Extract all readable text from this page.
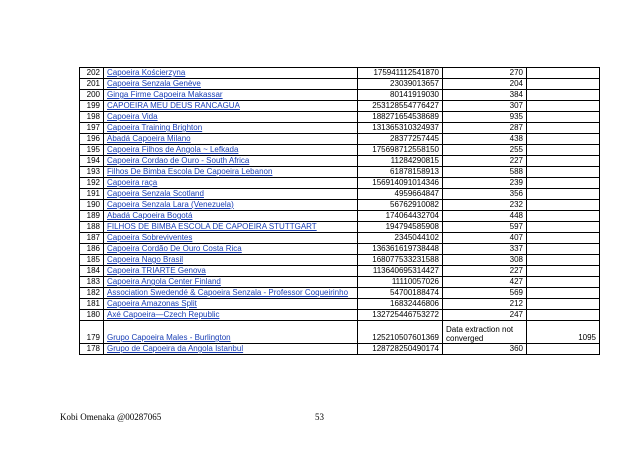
202	Capoeira Kościerzyna	175941112541870	270	
201	Capoeira Senzala Genève	23039013657	204	
200	Ginga Firme Capoeira Makassar	80141919030	384	
199	CAPOEIRA MEU DEUS RANCAGUA	253128554776427	307	
198	Capoeira Vida	188271654538689	935	
197	Capoeira Training Brighton	131365310324937	287	
196	Abadá Capoeira Milano	28377257445	438	
195	Capoeira Filhos de Angola ~ Lefkada	175698712558150	255	
194	Capoeira Cordao de Ouro - South Africa	11284290815	227	
193	Filhos De Bimba Escola De Capoeira Lebanon	61878158913	588	
192	Capoeira raça	156914091014346	239	
191	Capoeira Senzala Scotland	4959664847	356	
190	Capoeira Senzala Lara (Venezuela)	56762910082	232	
189	Abadá Capoeira Bogotá	174064432704	448	
188	FILHOS DE BIMBA ESCOLA DE CAPOEIRA STUTTGART	194794585908	597	
187	Capoeira Sobreviventes	2345044102	407	
186	Capoeira Cordão De Ouro Costa Rica	136361619738448	337	
185	Capoeira Nago Brasil	168077533231588	308	
184	Capoeira TRIARTE Genova	113640695314427	227	
183	Capoeira Angola Center Finland	11110057026	427	
182	Association Swedendé & Capoeira Senzala - Professor Coqueirinho	54700188474	569	
181	Capoeira Amazonas Split	16832446806	212	
180	Axé Capoeira—Czech Republic	132725446753272	247	
179	Grupo Capoeira Males - Burlington	125210507601369	Data extraction not converged	1095
178	Grupo de Capoeira da Angola Istanbul	128728250490174	360	
Kobi Omenaka @00287065	53
